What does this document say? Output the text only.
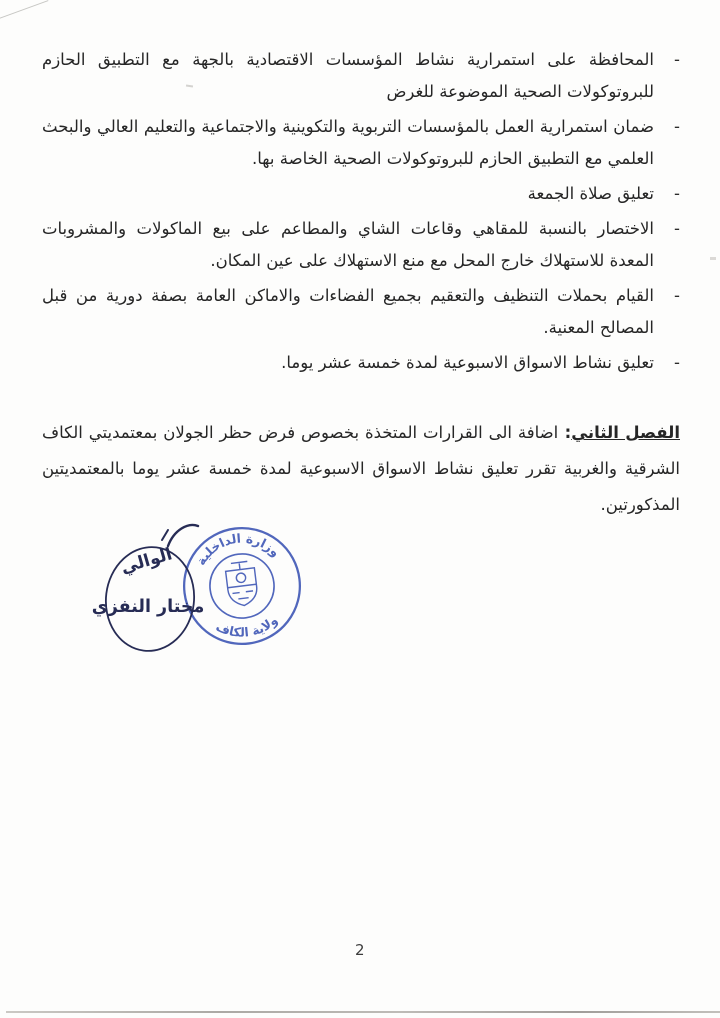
-
المحافظة على استمرارية نشاط المؤسسات الاقتصادية بالجهة مع التطبيق الحازم للبروتوكولات الصحية الموضوعة للغرض
-
ضمان استمرارية العمل بالمؤسسات التربوية والتكوينية والاجتماعية والتعليم العالي والبحث العلمي مع التطبيق الحازم للبروتوكولات الصحية الخاصة بها.
-
تعليق صلاة الجمعة
-
الاختصار بالنسبة للمقاهي وقاعات الشاي والمطاعم على بيع الماكولات والمشروبات المعدة للاستهلاك خارج المحل مع منع الاستهلاك على عين المكان.
-
القيام بحملات التنظيف والتعقيم بجميع الفضاءات والاماكن العامة بصفة دورية من قبل المصالح المعنية.
-
تعليق نشاط الاسواق الاسبوعية لمدة خمسة عشر يوما.

الفصل الثاني: اضافة الى القرارات المتخذة بخصوص فرض حظر الجولان بمعتمديتي الكاف الشرقية والغربية تقرر تعليق نشاط الاسواق الاسبوعية لمدة خمسة عشر يوما بالمعتمديتين المذكورتين.

وزارة الداخلية
ولاية الكاف
الوالي
مختار النفزي
2
